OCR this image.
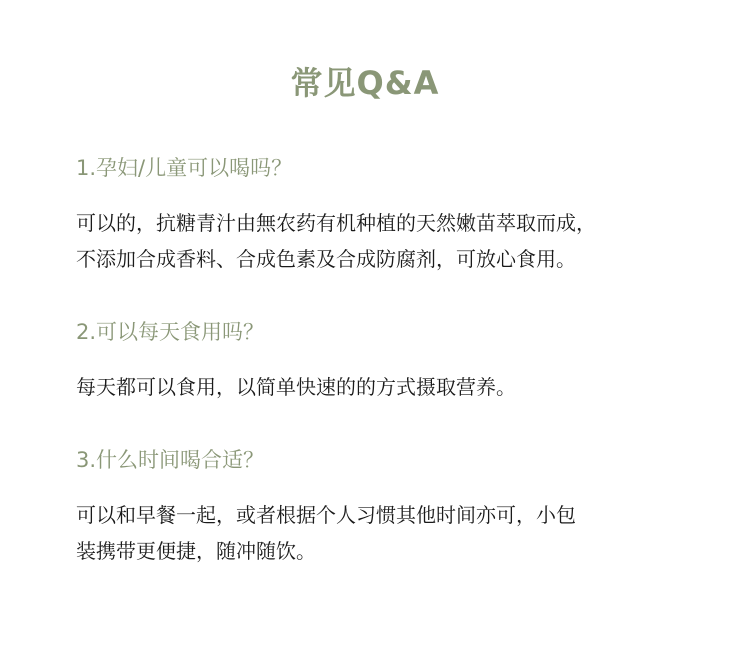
常见Q&A

1.孕妇/儿童可以喝吗？

可以的，抗糖青汁由無农药有机种植的天然嫩苗萃取而成，
不添加合成香料、合成色素及合成防腐剂，可放心食用。

2.可以每天食用吗？

每天都可以食用，以简单快速的的方式摄取营养。

3.什么时间喝合适？

可以和早餐一起，或者根据个人习惯其他时间亦可，小包
装携带更便捷，随冲随饮。
